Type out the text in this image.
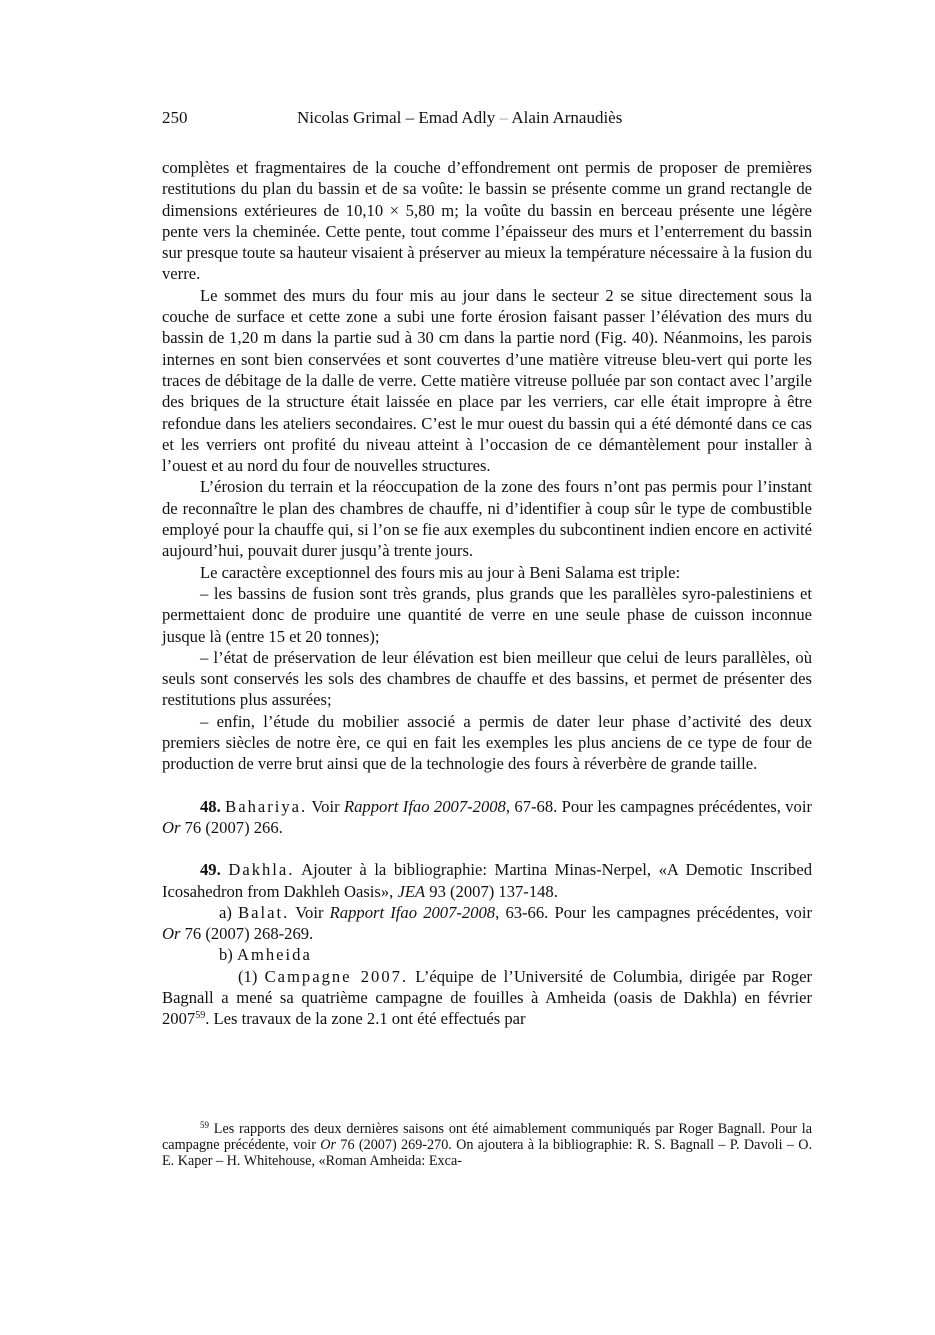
250	Nicolas Grimal – Emad Adly – Alain Arnaudiès

complètes et fragmentaires de la couche d’effondrement ont permis de proposer de premières restitutions du plan du bassin et de sa voûte: le bassin se présente comme un grand rectangle de dimensions extérieures de 10,10 × 5,80 m; la voûte du bassin en berceau présente une légère pente vers la cheminée. Cette pente, tout comme l’épaisseur des murs et l’enterrement du bassin sur presque toute sa hauteur visaient à préserver au mieux la température nécessaire à la fusion du verre.

Le sommet des murs du four mis au jour dans le secteur 2 se situe directement sous la couche de surface et cette zone a subi une forte érosion faisant passer l’élévation des murs du bassin de 1,20 m dans la partie sud à 30 cm dans la partie nord (Fig. 40). Néanmoins, les parois internes en sont bien conservées et sont couvertes d’une matière vitreuse bleu-vert qui porte les traces de débitage de la dalle de verre. Cette matière vitreuse polluée par son contact avec l’argile des briques de la structure était laissée en place par les verriers, car elle était impropre à être refondue dans les ateliers secondaires. C’est le mur ouest du bassin qui a été démonté dans ce cas et les verriers ont profité du niveau atteint à l’occasion de ce démantèlement pour installer à l’ouest et au nord du four de nouvelles structures.

L’érosion du terrain et la réoccupation de la zone des fours n’ont pas permis pour l’instant de reconnaître le plan des chambres de chauffe, ni d’identifier à coup sûr le type de combustible employé pour la chauffe qui, si l’on se fie aux exemples du subcontinent indien encore en activité aujourd’hui, pouvait durer jusqu’à trente jours.

Le caractère exceptionnel des fours mis au jour à Beni Salama est triple:

– les bassins de fusion sont très grands, plus grands que les parallèles syro-palestiniens et permettaient donc de produire une quantité de verre en une seule phase de cuisson inconnue jusque là (entre 15 et 20 tonnes);

– l’état de préservation de leur élévation est bien meilleur que celui de leurs parallèles, où seuls sont conservés les sols des chambres de chauffe et des bassins, et permet de présenter des restitutions plus assurées;

– enfin, l’étude du mobilier associé a permis de dater leur phase d’activité des deux premiers siècles de notre ère, ce qui en fait les exemples les plus anciens de ce type de four de production de verre brut ainsi que de la technologie des fours à réverbère de grande taille.

48. Bahariya. Voir Rapport Ifao 2007-2008, 67-68. Pour les campagnes précédentes, voir Or 76 (2007) 266.

49. Dakhla. Ajouter à la bibliographie: Martina Minas-Nerpel, «A Demotic Inscribed Icosahedron from Dakhleh Oasis», JEA 93 (2007) 137-148.

a) Balat. Voir Rapport Ifao 2007-2008, 63-66. Pour les campagnes précédentes, voir Or 76 (2007) 268-269.

b) Amheida

(1) Campagne 2007. L’équipe de l’Université de Columbia, dirigée par Roger Bagnall a mené sa quatrième campagne de fouilles à Amheida (oasis de Dakhla) en février 2007$^{59}$. Les travaux de la zone 2.1 ont été effectués par

$^{59}$ Les rapports des deux dernières saisons ont été aimablement communiqués par Roger Bagnall. Pour la campagne précédente, voir Or 76 (2007) 269-270. On ajoutera à la bibliographie: R. S. Bagnall – P. Davoli – O. E. Kaper – H. Whitehouse, «Roman Amheida: Exca-
